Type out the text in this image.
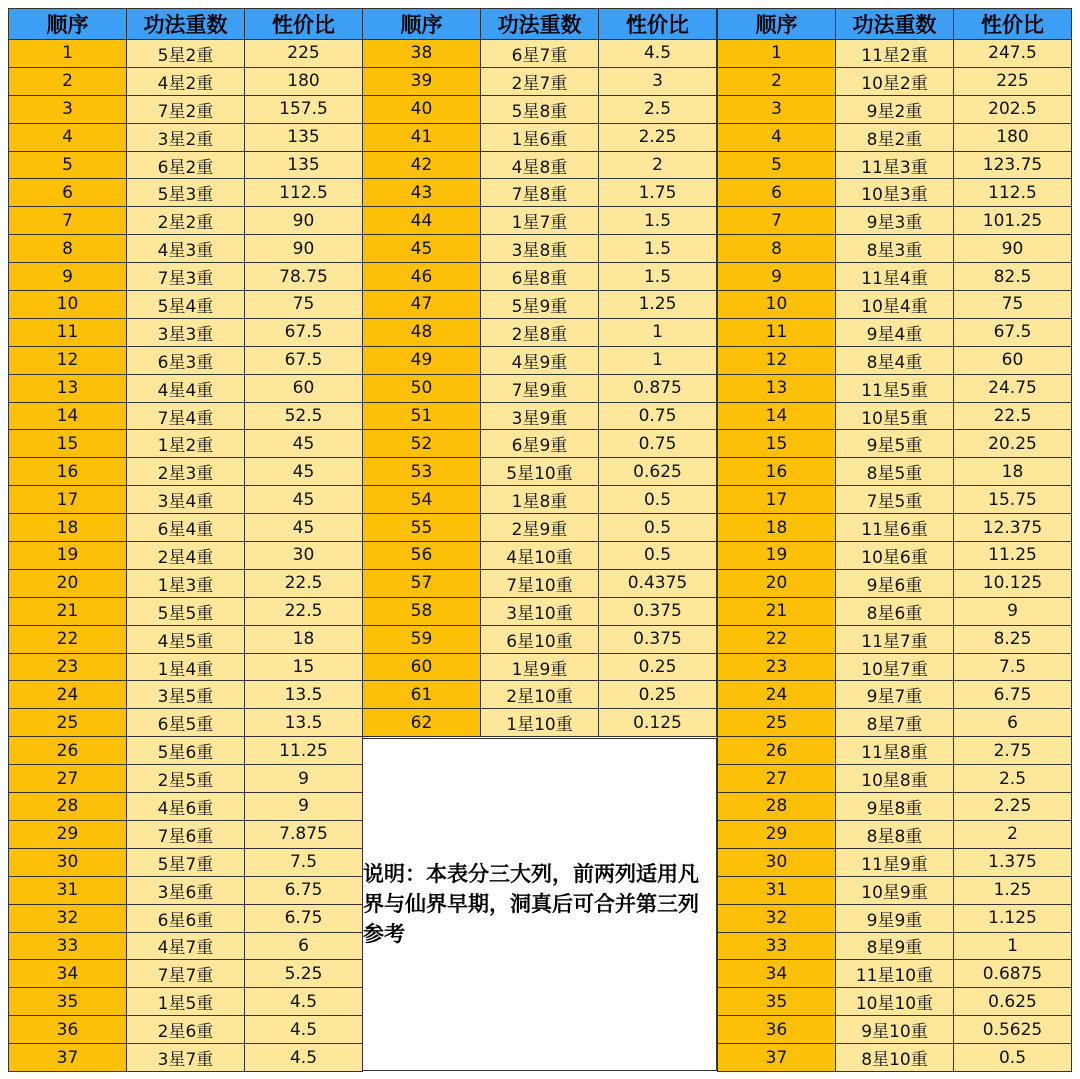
顺序	功法重数	性价比
1	5星2重	225
2	4星2重	180
3	7星2重	157.5
4	3星2重	135
5	6星2重	135
6	5星3重	112.5
7	2星2重	90
8	4星3重	90
9	7星3重	78.75
10	5星4重	75
11	3星3重	67.5
12	6星3重	67.5
13	4星4重	60
14	7星4重	52.5
15	1星2重	45
16	2星3重	45
17	3星4重	45
18	6星4重	45
19	2星4重	30
20	1星3重	22.5
21	5星5重	22.5
22	4星5重	18
23	1星4重	15
24	3星5重	13.5
25	6星5重	13.5
26	5星6重	11.25
27	2星5重	9
28	4星6重	9
29	7星6重	7.875
30	5星7重	7.5
31	3星6重	6.75
32	6星6重	6.75
33	4星7重	6
34	7星7重	5.25
35	1星5重	4.5
36	2星6重	4.5
37	3星7重	4.5
顺序	功法重数	性价比
38	6星7重	4.5
39	2星7重	3
40	5星8重	2.5
41	1星6重	2.25
42	4星8重	2
43	7星8重	1.75
44	1星7重	1.5
45	3星8重	1.5
46	6星8重	1.5
47	5星9重	1.25
48	2星8重	1
49	4星9重	1
50	7星9重	0.875
51	3星9重	0.75
52	6星9重	0.75
53	5星10重	0.625
54	1星8重	0.5
55	2星9重	0.5
56	4星10重	0.5
57	7星10重	0.4375
58	3星10重	0.375
59	6星10重	0.375
60	1星9重	0.25
61	2星10重	0.25
62	1星10重	0.125
顺序	功法重数	性价比
1	11星2重	247.5
2	10星2重	225
3	9星2重	202.5
4	8星2重	180
5	11星3重	123.75
6	10星3重	112.5
7	9星3重	101.25
8	8星3重	90
9	11星4重	82.5
10	10星4重	75
11	9星4重	67.5
12	8星4重	60
13	11星5重	24.75
14	10星5重	22.5
15	9星5重	20.25
16	8星5重	18
17	7星5重	15.75
18	11星6重	12.375
19	10星6重	11.25
20	9星6重	10.125
21	8星6重	9
22	11星7重	8.25
23	10星7重	7.5
24	9星7重	6.75
25	8星7重	6
26	11星8重	2.75
27	10星8重	2.5
28	9星8重	2.25
29	8星8重	2
30	11星9重	1.375
31	10星9重	1.25
32	9星9重	1.125
33	8星9重	1
34	11星10重	0.6875
35	10星10重	0.625
36	9星10重	0.5625
37	8星10重	0.5
说明：本表分三大列，前两列适用凡界与仙界早期，洞真后可合并第三列参考
